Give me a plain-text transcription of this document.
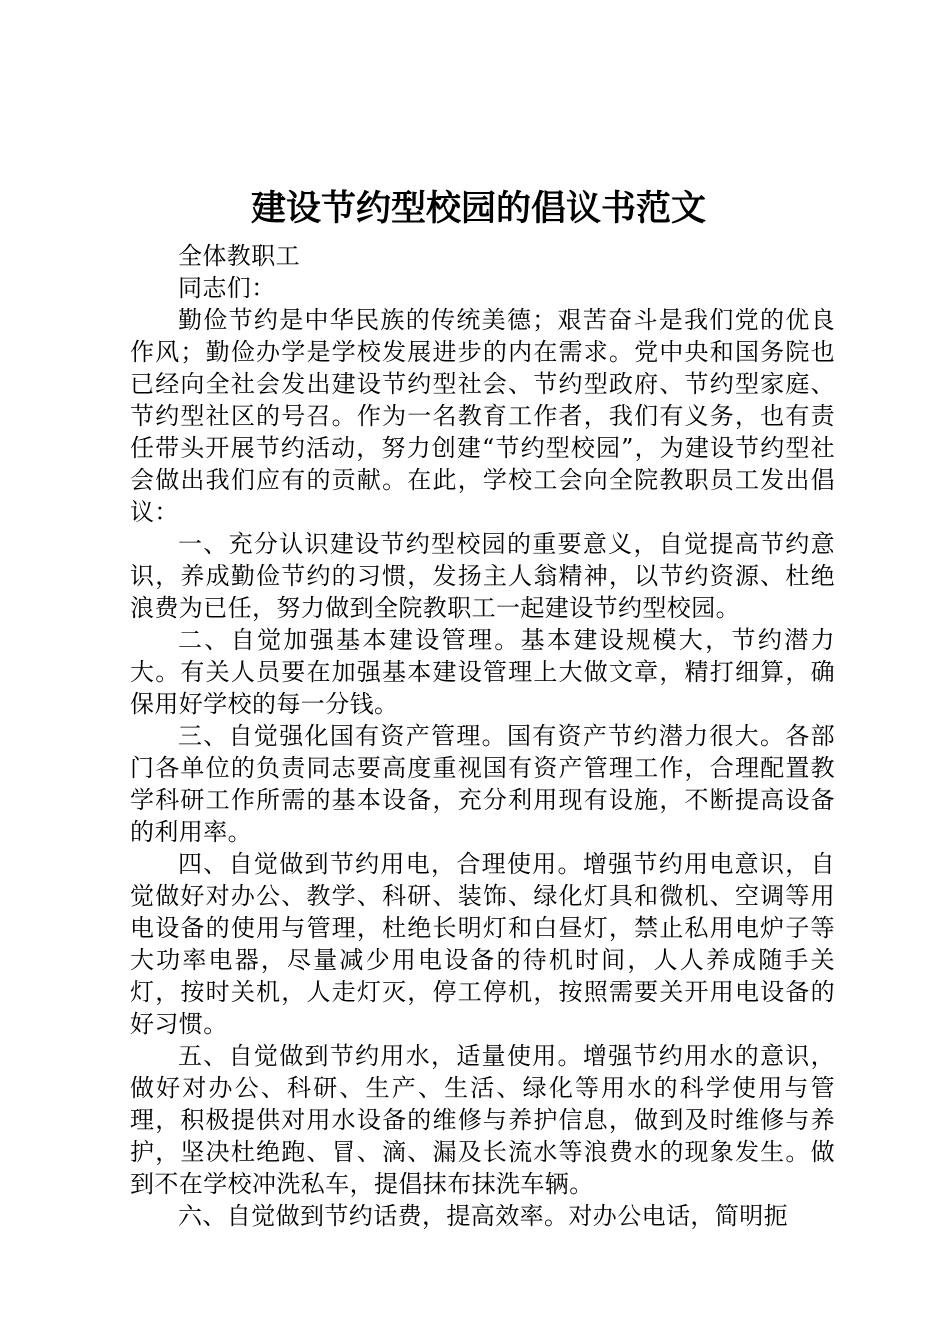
建设节约型校园的倡议书范文

全体教职工

同志们：

勤俭节约是中华民族的传统美德；艰苦奋斗是我们党的优良作风；勤俭办学是学校发展进步的内在需求。党中央和国务院也已经向全社会发出建设节约型社会、节约型政府、节约型家庭、节约型社区的号召。作为一名教育工作者，我们有义务，也有责任带头开展节约活动，努力创建“节约型校园”，为建设节约型社会做出我们应有的贡献。在此，学校工会向全院教职员工发出倡议：

一、充分认识建设节约型校园的重要意义，自觉提高节约意识，养成勤俭节约的习惯，发扬主人翁精神，以节约资源、杜绝浪费为已任，努力做到全院教职工一起建设节约型校园。

二、自觉加强基本建设管理。基本建设规模大，节约潜力大。有关人员要在加强基本建设管理上大做文章，精打细算，确保用好学校的每一分钱。

三、自觉强化国有资产管理。国有资产节约潜力很大。各部门各单位的负责同志要高度重视国有资产管理工作，合理配置教学科研工作所需的基本设备，充分利用现有设施，不断提高设备的利用率。

四、自觉做到节约用电，合理使用。增强节约用电意识，自觉做好对办公、教学、科研、装饰、绿化灯具和微机、空调等用电设备的使用与管理，杜绝长明灯和白昼灯，禁止私用电炉子等大功率电器，尽量减少用电设备的待机时间，人人养成随手关灯，按时关机，人走灯灭，停工停机，按照需要关开用电设备的好习惯。

五、自觉做到节约用水，适量使用。增强节约用水的意识，做好对办公、科研、生产、生活、绿化等用水的科学使用与管理，积极提供对用水设备的维修与养护信息，做到及时维修与养护，坚决杜绝跑、冒、滴、漏及长流水等浪费水的现象发生。做到不在学校冲洗私车，提倡抹布抹洗车辆。

六、自觉做到节约话费，提高效率。对办公电话，简明扼
